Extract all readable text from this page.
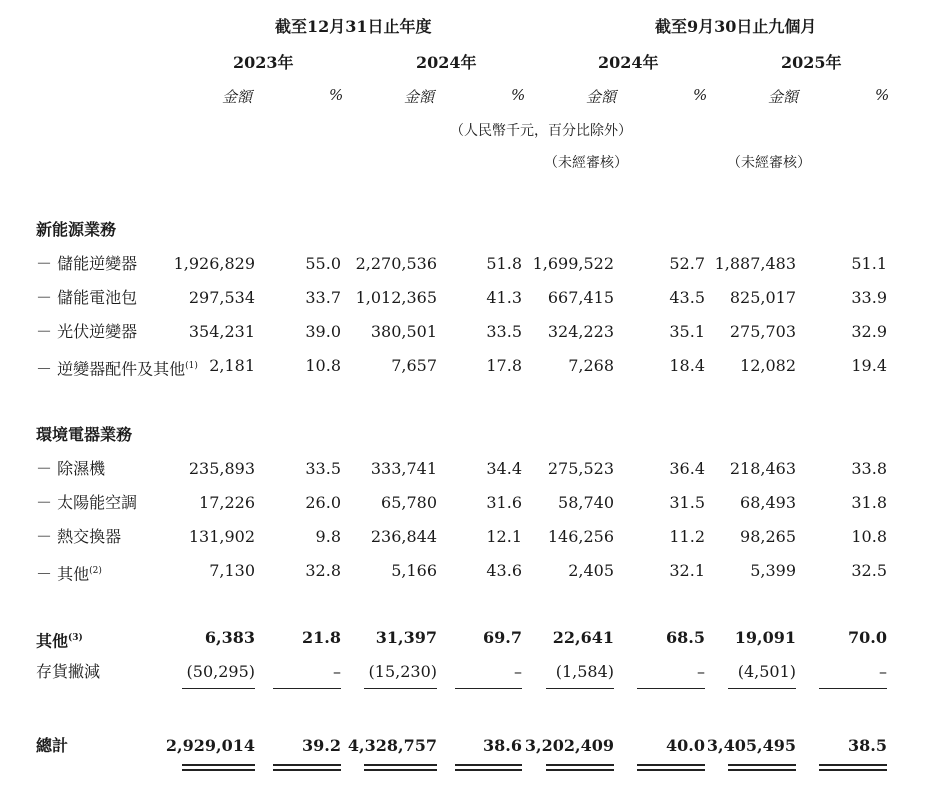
截至12月31日止年度	截至9月30日止九個月
2023年	2024年	2024年	2025年
金額	%	金額	%	金額	%	金額	%
（人民幣千元，百分比除外）
（未經審核）	（未經審核）
新能源業務
－ 儲能逆變器 1,926,829	55.0 2,270,536	51.8 1,699,522	52.7 1,887,483	51.1
－ 儲能電池包	297,534	33.7 1,012,365	41.3 667,415	43.5 825,017	33.9
－ 光伏逆變器	354,231	39.0 380,501	33.5 324,223	35.1 275,703	32.9
－ 逆變器配件及其他$^{(1)}$ 2,181	10.8	7,657	17.8	7,268	18.4 12,082	19.4
環境電器業務
－ 除濕機	235,893	33.5 333,741	34.4 275,523	36.4 218,463	33.8
－ 太陽能空調	17,226	26.0	65,780	31.6 58,740	31.5 68,493	31.8
－ 熱交換器	131,902	9.8 236,844	12.1 146,256	11.2 98,265	10.8
－ 其他$^{(2)}$	7,130	32.8	5,166	43.6	2,405	32.1	5,399	32.5
其他$^{(3)}$	6,383	21.8 31,397	69.7 22,641	68.5 19,091	70.0
存貨撇減	(50,295)	– (15,230)	– (1,584)	– (4,501)	–
總計	2,929,014	39.2 4,328,757	38.6 3,202,409	40.0 3,405,495	38.5
